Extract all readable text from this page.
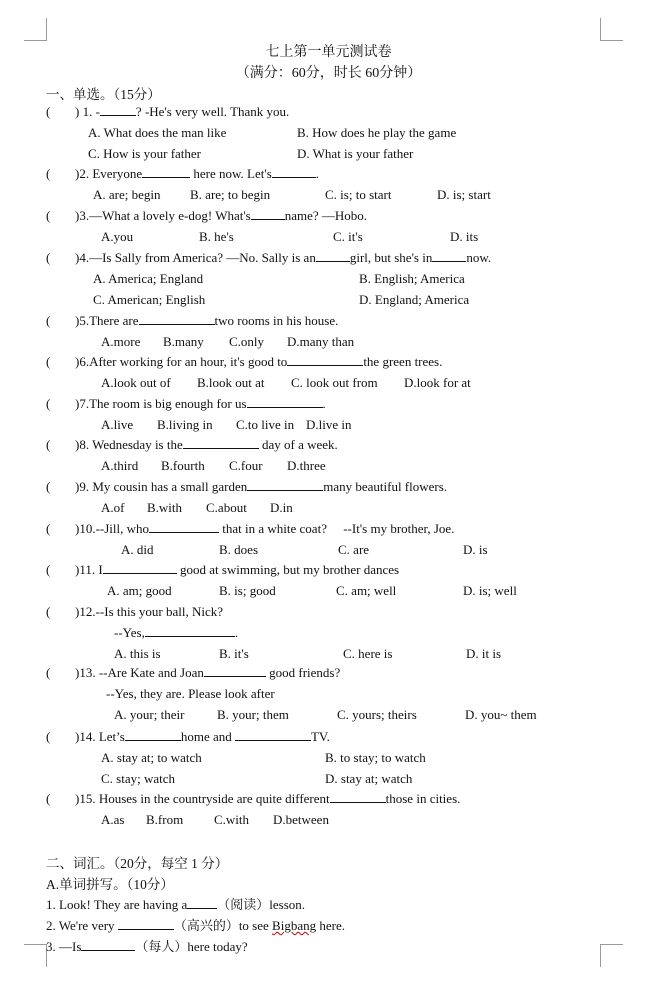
七上第一单元测试卷
（满分：60分，时长 60分钟）
一、单选。（15分）
( ) 1. -	? -He's very well. Thank you.
A. What does the man like	B. How does he play the game
C. How is your father	D. What is your father
( )2. Everyone	here now. Let's	.
A. are; begin B. are; to begin	C. is; to start	D. is; start
( )3.—What a lovely e-dog! What's	name? —Hobo.
A.you	B. he's	C. it's	D. its
( )4.—Is Sally from America? —No. Sally is an	girl, but she's in	now.
A. America; England	B. English; America
C. American; English	D. England; America
( )5.There are	two rooms in his house.
A.more B.many C.only D.many than
( )6.After working for an hour, it's good to	the green trees.
A.look out of B.look out at C. look out from D.look for at
( )7.The room is big enough for us	.
A.live B.living in C.to live in D.live in
( )8. Wednesday is the	day of a week.
A.third B.fourth C.four D.three
( )9. My cousin has a small garden	many beautiful flowers.
A.of B.with C.about D.in
( )10.--Jill, who	that in a white coat?     --It's my brother, Joe.
A. did	B. does	C. are	D. is
( )11. I	good at swimming, but my brother dances
A. am; good	B. is; good	C. am; well	D. is; well
( )12.--Is this your ball, Nick?
--Yes,	.
A. this is	B. it's	C. here is	D. it is
( )13. --Are Kate and Joan	good friends?
--Yes, they are. Please look after
A. your; their	B. your; them	C. yours; theirs	D. you~ them
( )14. Let’s	home and	TV.
A. stay at; to watch	B. to stay; to watch
C. stay; watch	D. stay at; watch
( )15. Houses in the countryside are quite different	those in cities.
A.as B.from C.with D.between
二、词汇。（20分，每空 1 分）
A.单词拼写。（10分）
1. Look! They are having a （阅读）lesson.
2. We're very	（高兴的）to see Bigbang here.
3. —Is	（每人）here today?
